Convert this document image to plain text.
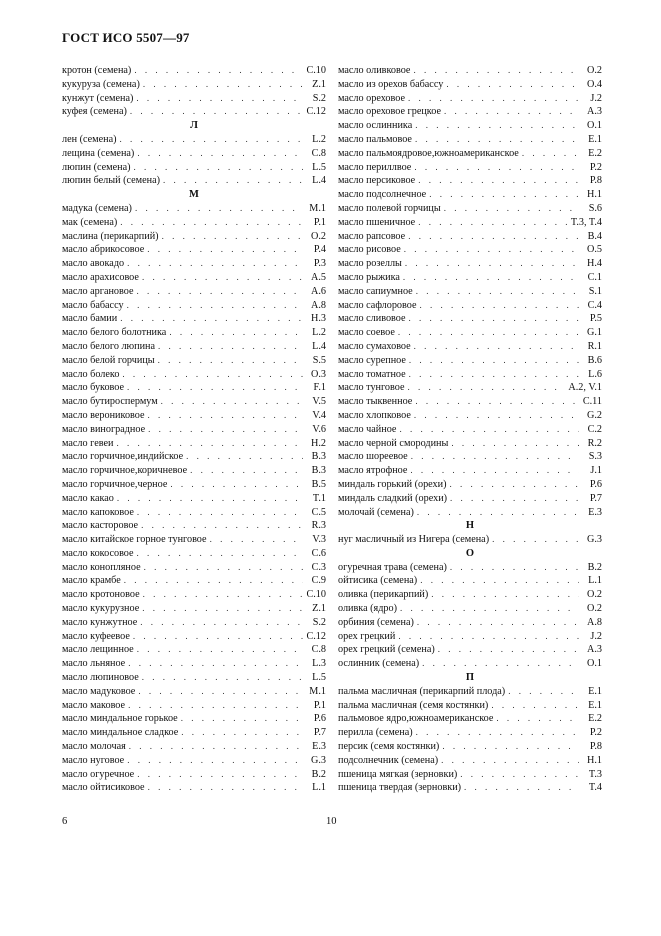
ГОСТ ИСО 5507—97
кротон (семена) . . .	C.10
кукуруза (семена) . . .	Z.1
кунжут (семена) . . .	S.2
куфея (семена) . . .	C.12
Л
лен (семена) . . .	L.2
лещина (семена) . . .	C.8
люпин (семена) . . .	L.5
люпин белый (семена) . . .	L.4
М
мадука (семена) . . .	M.1
мак (семена) . . .	P.1
маслина (перикарпий) . . .	O.2
масло абрикосовое . . .	P.4
масло авокадо . . .	P.3
масло арахисовое . . .	A.5
масло аргановое . . .	A.6
масло бабассу . . .	A.8
масло бамии . . .	H.3
масло белого болотника . . .	L.2
масло белого люпина . . .	L.4
масло белой горчицы . . .	S.5
масло болеко . . .	O.3
масло буковое . . .	F.1
масло бутироспермум . . .	V.5
масло верониковое . . .	V.4
масло виноградное . . .	V.6
масло гевеи . . .	H.2
масло горчичное,индийское . . .	B.3
масло горчичное,коричневое . . .	B.3
масло горчичное,черное . . .	B.5
масло какао . . .	T.1
масло капоковое . . .	C.5
масло касторовое . . .	R.3
масло китайское горное тунговое . . .	V.3
масло кокосовое . . .	C.6
масло конопляное . . .	C.3
масло крамбе . . .	C.9
масло кротоновое . . .	C.10
масло кукурузное . . .	Z.1
масло кунжутное . . .	S.2
масло куфеевое . . .	C.12
масло лещинное . . .	C.8
масло льняное . . .	L.3
масло люпиновое . . .	L.5
масло мадуковое . . .	M.1
масло маковое . . .	P.1
масло миндальное горькое . . .	P.6
масло миндальное сладкое . . .	P.7
масло молочая . . .	E.3
масло нуговое . . .	G.3
масло огуречное . . .	B.2
масло ойтисиковое . . .	L.1
масло оливковое . . .	O.2
масло из орехов бабассу . . .	O.4
масло ореховое . . .	J.2
масло ореховое грецкое . . .	A.3
масло ослинника . . .	O.1
масло пальмовое . . .	E.1
масло пальмоядровое,южноамериканское . . .	E.2
масло периллвое . . .	P.2
масло персиковое . . .	P.8
масло подсолнечное . . .	H.1
масло полевой горчицы . . .	S.6
масло пшеничное . . .	T.3, T.4
масло рапсовое . . .	B.4
масло рисовое . . .	O.5
масло розеллы . . .	H.4
масло рыжика . . .	C.1
масло сапиумное . . .	S.1
масло сафлоровое . . .	C.4
масло сливовое . . .	P.5
масло соевое . . .	G.1
масло сумаховое . . .	R.1
масло сурепное . . .	B.6
масло томатное . . .	L.6
масло тунговое . . .	A.2, V.1
масло тыквенное . . .	C.11
масло хлопковое . . .	G.2
масло чайное . . .	C.2
масло черной смородины . . .	R.2
масло шореевое . . .	S.3
масло ятрофное . . .	J.1
миндаль горький (орехи) . . .	P.6
миндаль сладкий (орехи) . . .	P.7
молочай (семена) . . .	E.3
Н
нуг масличный из Нигера (семена) . . .	G.3
О
огуречная трава (семена) . . .	B.2
ойтисика (семена) . . .	L.1
оливка (перикарпий) . . .	O.2
оливка (ядро) . . .	O.2
орбиния (семена) . . .	A.8
орех грецкий . . .	J.2
орех грецкий (семена) . . .	A.3
ослинник (семена) . . .	O.1
П
пальма масличная (перикарпий плода) . . .	E.1
пальма масличная (семя костянки) . . .	E.1
пальмовое ядро,южноамериканское . . .	E.2
перилла (семена) . . .	P.2
персик (семя костянки) . . .	P.8
подсолнечник (семена) . . .	H.1
пшеница мягкая (зерновки) . . .	T.3
пшеница твердая (зерновки) . . .	T.4
6	10
